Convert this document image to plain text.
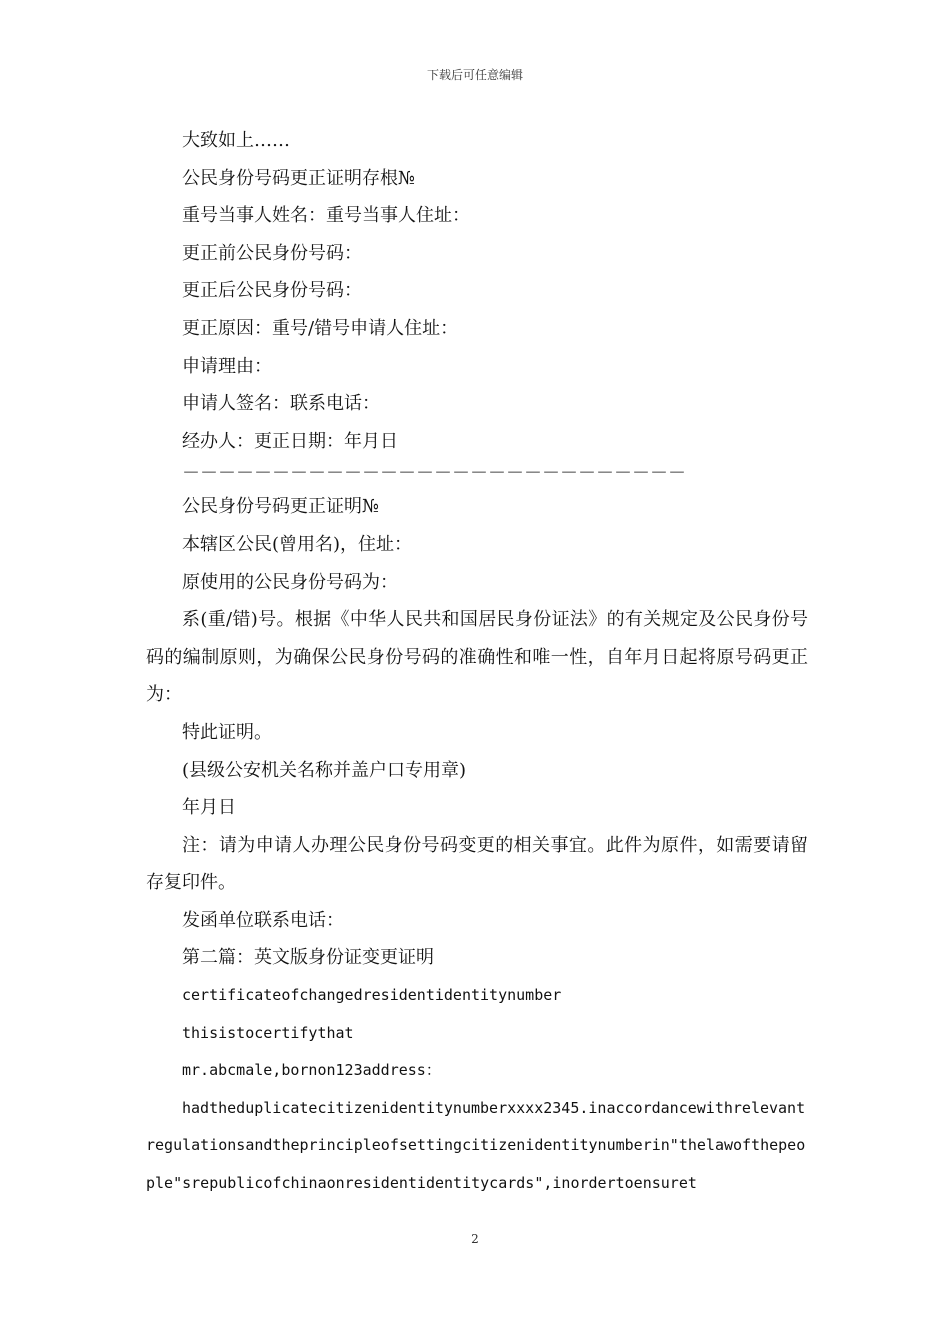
下载后可任意编辑
大致如上……
公民身份号码更正证明存根№
重号当事人姓名：重号当事人住址：
更正前公民身份号码：
更正后公民身份号码：
更正原因：重号/错号申请人住址：
申请理由：
申请人签名：联系电话：
经办人：更正日期：年月日
－－－－－－－－－－－－－－－－－－－－－－－－－－－－
公民身份号码更正证明№
本辖区公民(曾用名)，住址：
原使用的公民身份号码为：
系(重/错)号。根据《中华人民共和国居民身份证法》的有关规定及公民身份号码的编制原则，为确保公民身份号码的准确性和唯一性，自年月日起将原号码更正为：
特此证明。
(县级公安机关名称并盖户口专用章)
年月日
注：请为申请人办理公民身份号码变更的相关事宜。此件为原件，如需要请留存复印件。
发函单位联系电话：
第二篇：英文版身份证变更证明
certificateofchangedresidentidentitynumber
thisistocertifythat
mr.abcmale,bornon123address：
hadtheduplicatecitizenidentitynumberxxxx2345.inaccordancewithrelevantregulationsandtheprincipleofsettingcitizenidentitynumberin"thelawofthepeople"srepublicofchinaonresidentidentitycards",inordertoensuret
2
